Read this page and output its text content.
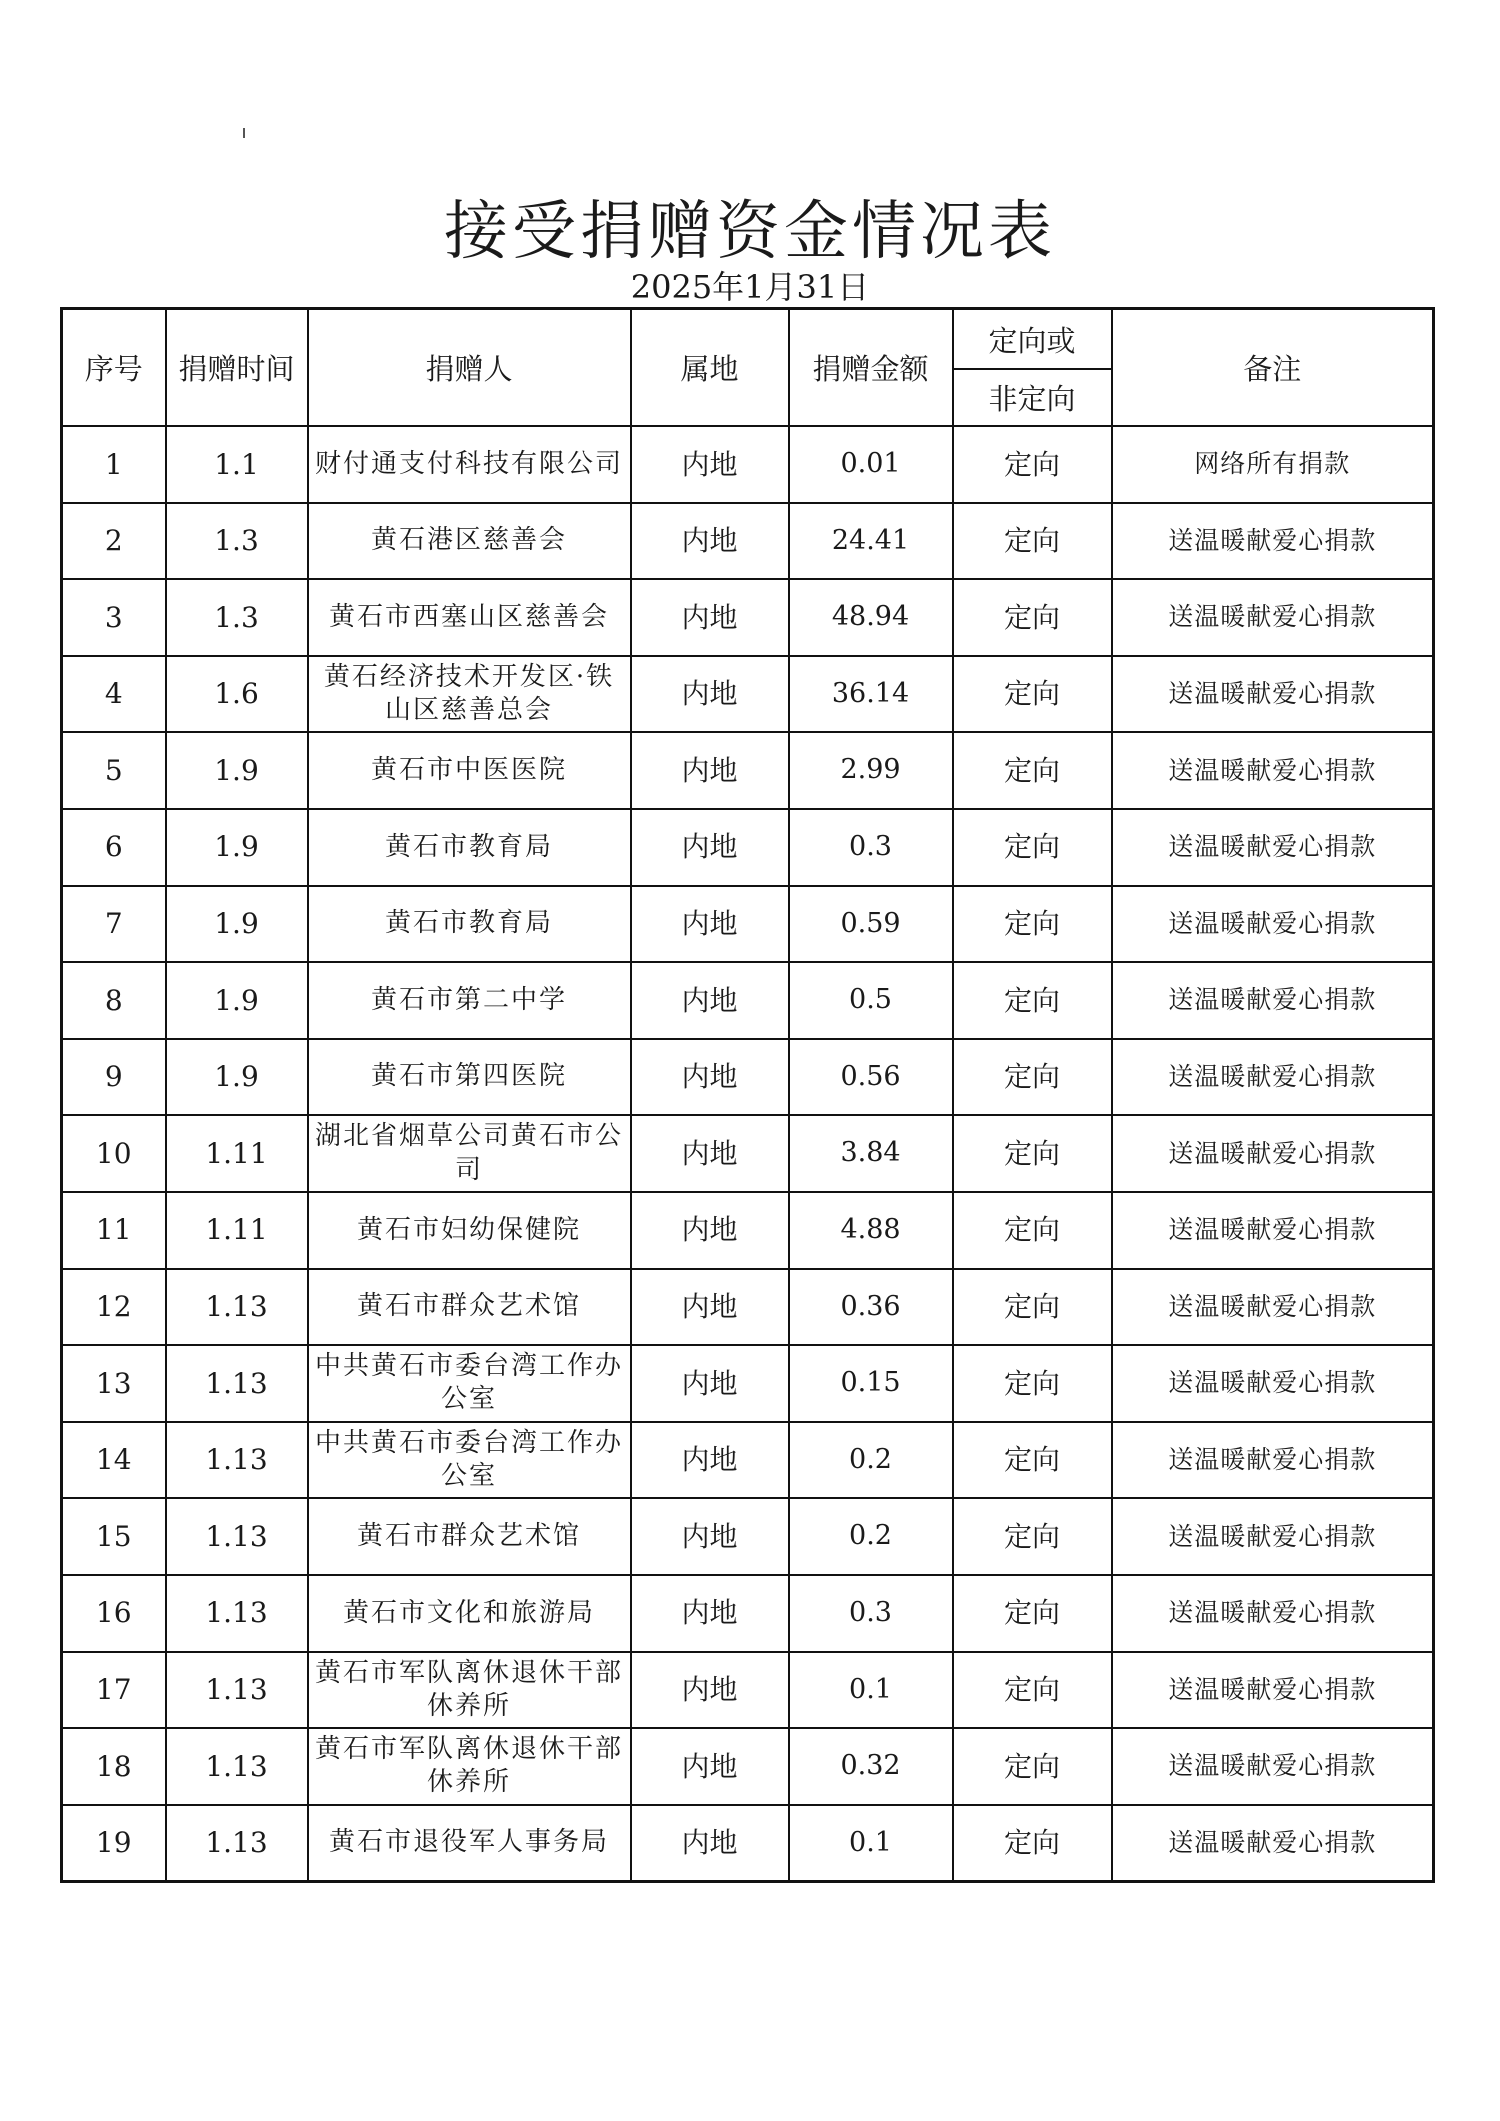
接受捐赠资金情况表
2025年1月31日
序号	捐赠时间	捐赠人	属地	捐赠金额	定向或	备注
					非定向	
1	1.1	财付通支付科技有限公司	内地	0.01	定向	网络所有捐款
2	1.3	黄石港区慈善会	内地	24.41	定向	送温暖献爱心捐款
3	1.3	黄石市西塞山区慈善会	内地	48.94	定向	送温暖献爱心捐款
4	1.6	黄石经济技术开发区·铁山区慈善总会	内地	36.14	定向	送温暖献爱心捐款
5	1.9	黄石市中医医院	内地	2.99	定向	送温暖献爱心捐款
6	1.9	黄石市教育局	内地	0.3	定向	送温暖献爱心捐款
7	1.9	黄石市教育局	内地	0.59	定向	送温暖献爱心捐款
8	1.9	黄石市第二中学	内地	0.5	定向	送温暖献爱心捐款
9	1.9	黄石市第四医院	内地	0.56	定向	送温暖献爱心捐款
10	1.11	湖北省烟草公司黄石市公司	内地	3.84	定向	送温暖献爱心捐款
11	1.11	黄石市妇幼保健院	内地	4.88	定向	送温暖献爱心捐款
12	1.13	黄石市群众艺术馆	内地	0.36	定向	送温暖献爱心捐款
13	1.13	中共黄石市委台湾工作办公室	内地	0.15	定向	送温暖献爱心捐款
14	1.13	中共黄石市委台湾工作办公室	内地	0.2	定向	送温暖献爱心捐款
15	1.13	黄石市群众艺术馆	内地	0.2	定向	送温暖献爱心捐款
16	1.13	黄石市文化和旅游局	内地	0.3	定向	送温暖献爱心捐款
17	1.13	黄石市军队离休退休干部休养所	内地	0.1	定向	送温暖献爱心捐款
18	1.13	黄石市军队离休退休干部休养所	内地	0.32	定向	送温暖献爱心捐款
19	1.13	黄石市退役军人事务局	内地	0.1	定向	送温暖献爱心捐款
